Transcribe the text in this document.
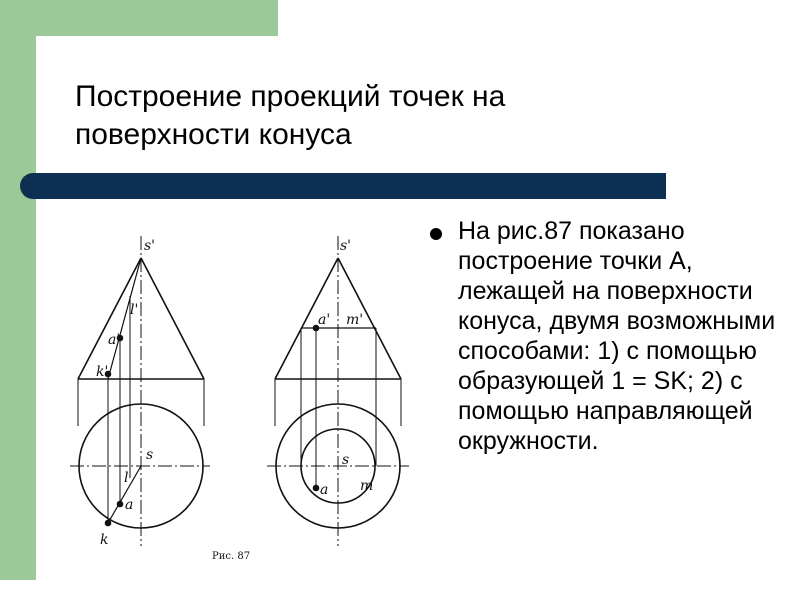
Построение проекций точек на поверхности конуса

На рис.87 показано построение точки А, лежащей на поверхности конуса, двумя возможными способами: 1) с помощью образующей 1 = SK; 2) с помощью направляющей окружности.

s'
l'
a'
k'
s
l
a
k
s'
a' m'
s
a m
Рис. 87
